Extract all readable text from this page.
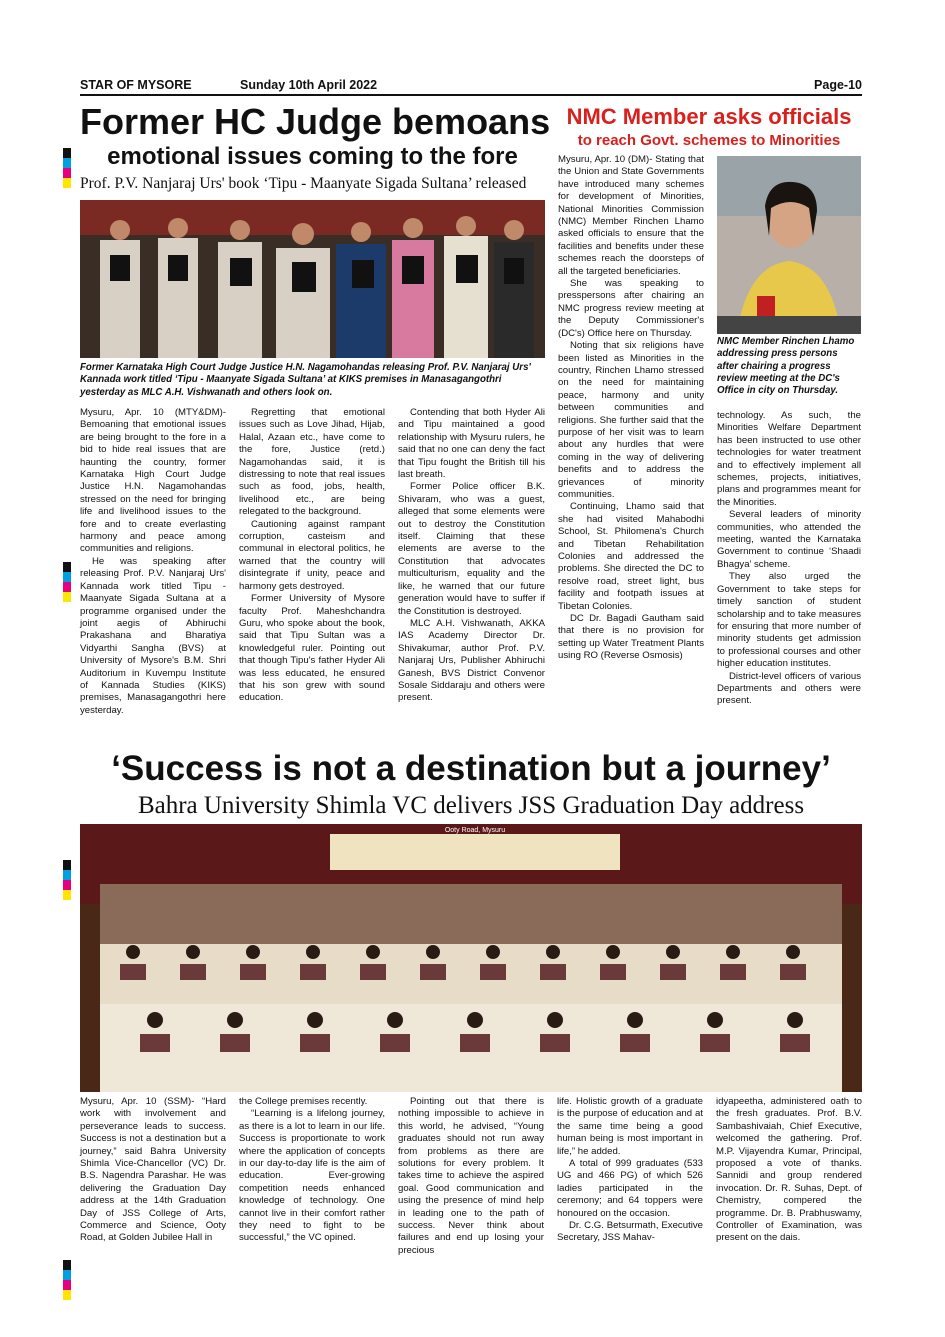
STAR OF MYSORE	Sunday 10th April 2022	Page-10
Former HC Judge bemoans
emotional issues coming to the fore
Prof. P.V. Nanjaraj Urs' book ‘Tipu - Maanyate Sigada Sultana’ released
Former Karnataka High Court Judge Justice H.N. Nagamohandas releasing Prof. P.V. Nanjaraj Urs' Kannada work titled ‘Tipu - Maanyate Sigada Sultana’ at KIKS premises in Manasagangothri yesterday as MLC A.H. Vishwanath and others look on.

Mysuru, Apr. 10 (MTY&DM)- Bemoaning that emotional issues are being brought to the fore in a bid to hide real issues that are haunting the country, former Karnataka High Court Judge Justice H.N. Nagamohandas stressed on the need for bringing life and livelihood issues to the fore and to create everlasting harmony and peace among communities and religions.

He was speaking after releasing Prof. P.V. Nanjaraj Urs' Kannada work titled Tipu - Maanyate Sigada Sultana at a programme organised under the joint aegis of Abhiruchi Prakashana and Bharatiya Vidyarthi Sangha (BVS) at University of Mysore's B.M. Shri Auditorium in Kuvempu Institute of Kannada Studies (KIKS) premises, Manasagangothri here yesterday.

Regretting that emotional issues such as Love Jihad, Hijab, Halal, Azaan etc., have come to the fore, Justice (retd.) Nagamohandas said, it is distressing to note that real issues such as food, jobs, health, livelihood etc., are being relegated to the background.

Cautioning against rampant corruption, casteism and communal in electoral politics, he warned that the country will disintegrate if unity, peace and harmony gets destroyed.

Former University of Mysore faculty Prof. Maheshchandra Guru, who spoke about the book, said that Tipu Sultan was a knowledgeful ruler. Pointing out that though Tipu's father Hyder Ali was less educated, he ensured that his son grew with sound education.

Contending that both Hyder Ali and Tipu maintained a good relationship with Mysuru rulers, he said that no one can deny the fact that Tipu fought the British till his last breath.

Former Police officer B.K. Shivaram, who was a guest, alleged that some elements were out to destroy the Constitution itself. Claiming that these elements are averse to the Constitution that advocates multiculturism, equality and the like, he warned that our future generation would have to suffer if the Constitution is destroyed.

MLC A.H. Vishwanath, AKKA IAS Academy Director Dr. Shivakumar, author Prof. P.V. Nanjaraj Urs, Publisher Abhiruchi Ganesh, BVS District Convenor Sosale Siddaraju and others were present.

NMC Member asks officials
to reach Govt. schemes to Minorities

Mysuru, Apr. 10 (DM)- Stating that the Union and State Governments have introduced many schemes for development of Minorities, National Minorities Commission (NMC) Member Rinchen Lhamo asked officials to ensure that the facilities and benefits under these schemes reach the doorsteps of all the targeted beneficiaries.

She was speaking to presspersons after chairing an NMC progress review meeting at the Deputy Commissioner's (DC's) Office here on Thursday.

Noting that six religions have been listed as Minorities in the country, Rinchen Lhamo stressed on the need for maintaining peace, harmony and unity between communities and religions. She further said that the purpose of her visit was to learn about any hurdles that were coming in the way of delivering benefits and to address the grievances of minority communities.

Continuing, Lhamo said that she had visited Mahabodhi School, St. Philomena's Church and Tibetan Rehabilitation Colonies and addressed the problems. She directed the DC to resolve road, street light, bus facility and footpath issues at Tibetan Colonies.

DC Dr. Bagadi Gautham said that there is no provision for setting up Water Treatment Plants using RO (Reverse Osmosis)

NMC Member Rinchen Lhamo addressing press persons after chairing a progress review meeting at the DC's Office in city on Thursday.

technology. As such, the Minorities Welfare Department has been instructed to use other technologies for water treatment and to effectively implement all schemes, projects, initiatives, plans and programmes meant for the Minorities.

Several leaders of minority communities, who attended the meeting, wanted the Karnataka Government to continue ‘Shaadi Bhagya’ scheme.

They also urged the Government to take steps for timely sanction of student scholarship and to take measures for ensuring that more number of minority students get admission to professional courses and other higher education institutes.

District-level officers of various Departments and others were present.

‘Success is not a destination but a journey’
Bahra University Shimla VC delivers JSS Graduation Day address
Ooty Road, Mysuru

Mysuru, Apr. 10 (SSM)- “Hard work with involvement and perseverance leads to success. Success is not a destination but a journey,” said Bahra University Shimla Vice-Chancellor (VC) Dr. B.S. Nagendra Parashar. He was delivering the Graduation Day address at the 14th Graduation Day of JSS College of Arts, Commerce and Science, Ooty Road, at Golden Jubilee Hall in

the College premises recently.

“Learning is a lifelong journey, as there is a lot to learn in our life. Success is proportionate to work where the application of concepts in our day-to-day life is the aim of education. Ever-growing competition needs enhanced knowledge of technology. One cannot live in their comfort rather they need to fight to be successful,” the VC opined.

Pointing out that there is nothing impossible to achieve in this world, he advised, “Young graduates should not run away from problems as there are solutions for every problem. It takes time to achieve the aspired goal. Good communication and using the presence of mind help in leading one to the path of success. Never think about failures and end up losing your precious

life. Holistic growth of a graduate is the purpose of education and at the same time being a good human being is most important in life,” he added.

A total of 999 graduates (533 UG and 466 PG) of which 526 ladies participated in the ceremony; and 64 toppers were honoured on the occasion.

Dr. C.G. Betsurmath, Executive Secretary, JSS Mahav-

idyapeetha, administered oath to the fresh graduates. Prof. B.V. Sambashivaiah, Chief Executive, welcomed the gathering. Prof. M.P. Vijayendra Kumar, Principal, proposed a vote of thanks. Sannidi and group rendered invocation. Dr. R. Suhas, Dept. of Chemistry, compered the programme. Dr. B. Prabhuswamy, Controller of Examination, was present on the dais.
